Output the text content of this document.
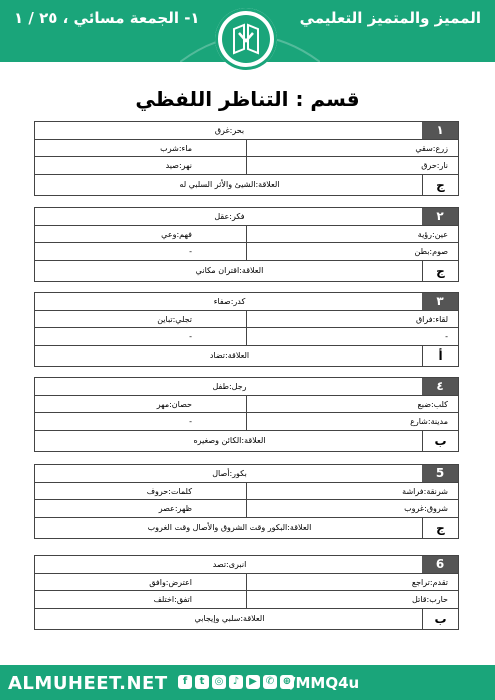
١- الجمعة مسائي ، ٢٥ / ١	المميز والمتميز التعليمي
قسم : التناظر اللفظي
١
بحر:غرق
زرع:سقي
ماء:شرب
نار:حرق
نهر:صيد
ج
العلاقة:الشيئ والأثر السلبي له
٢
فكر:عقل
عين:رؤية
فهم:وعي
صوم:بطن
-
ج
العلاقة:اقتران مكاني
٣
كدر:صفاء
لقاء:فراق
تجلي:تباين
-
-
أ
العلاقة:تضاد
٤
رجل:طفل
كلب:ضبع
حصان:مهر
مدينة:شارع
-
ب
العلاقة:الكائن وصغيره
5
بكور:أصال
شرنقة:فراشة
كلمات:حروف
شروق:غروب
ظهر:عصر
ج
العلاقة:البكور وقت الشروق والأصال وقت الغروب
6
انبرى:تصد
تقدم:تراجع
اعترض:وافق
حارب:قاتل
اتفق:اختلف
ب
العلاقة:سلبي وإيجابي
ALMUHEET.NET	f t ◎ ♪ ▶ ✆ ⊕
/MMQ4u
